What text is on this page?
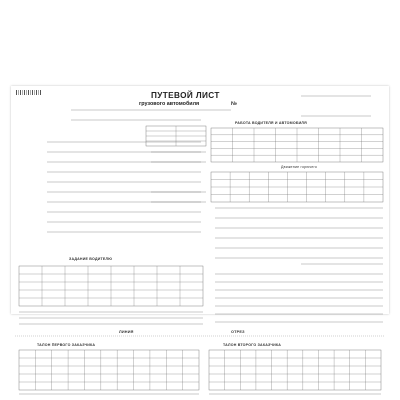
ПУТЕВОЙ ЛИСТ
грузового автомобиля	№
РАБОТА ВОДИТЕЛЯ И АВТОМОБИЛЯ
Движение горючего
ЗАДАНИЕ ВОДИТЕЛЮ
ЛИНИЯ	ОТРЕЗ
ТАЛОН ПЕРВОГО ЗАКАЗЧИКА	ТАЛОН ВТОРОГО ЗАКАЗЧИКА
